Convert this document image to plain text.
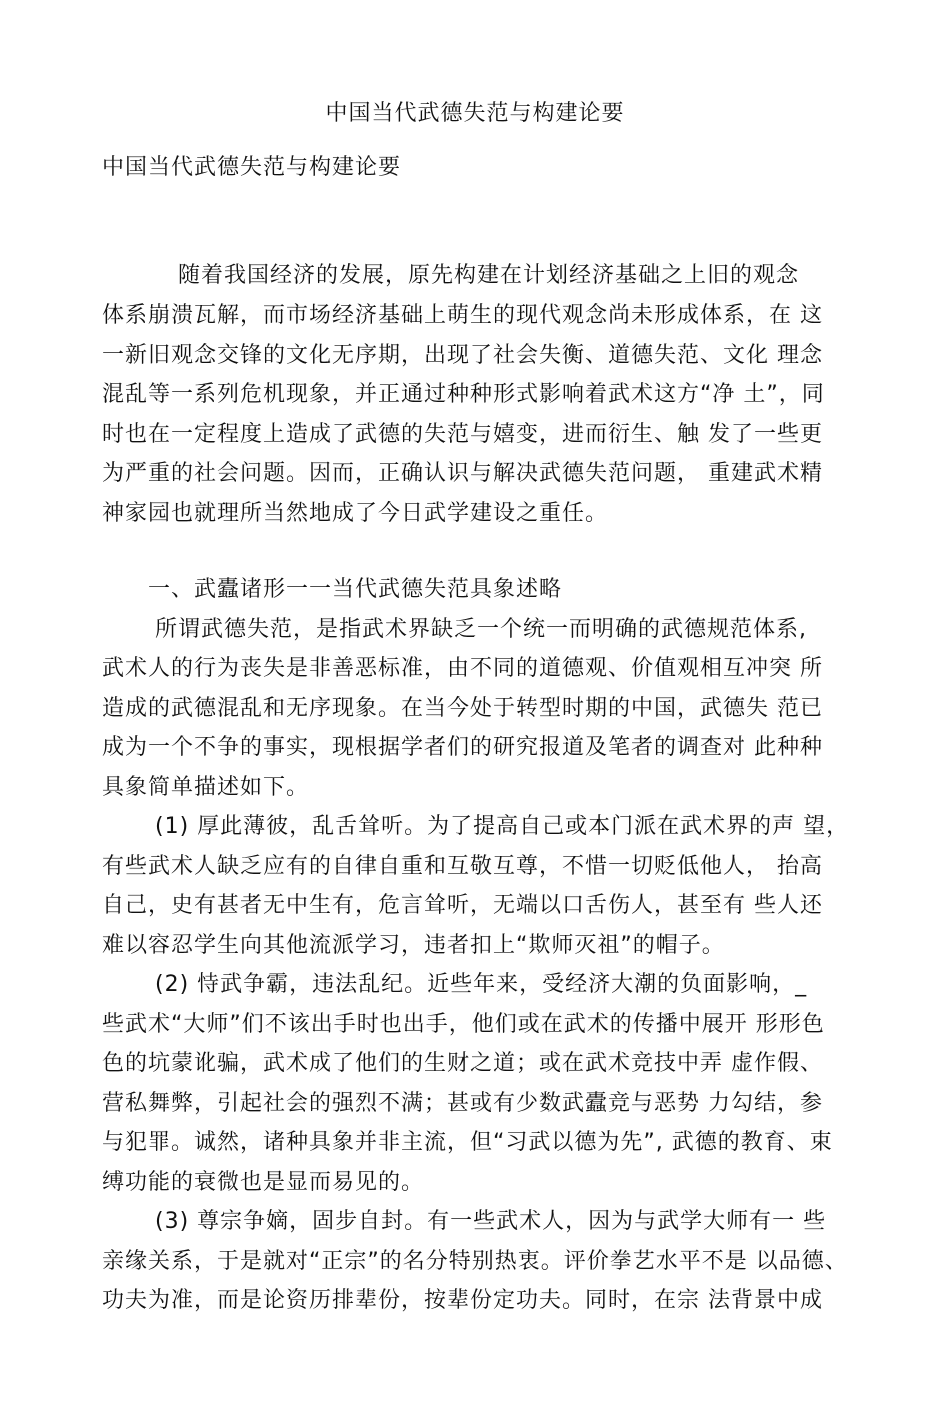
中国当代武德失范与构建论要
中国当代武德失范与构建论要
随着我国经济的发展，原先构建在计划经济基础之上旧的观念
体系崩溃瓦解，而市场经济基础上萌生的现代观念尚未形成体系，在 这
一新旧观念交锋的文化无序期，出现了社会失衡、道德失范、文化 理念
混乱等一系列危机现象，并正通过种种形式影响着武术这方“净 土”，同
时也在一定程度上造成了武德的失范与嬉变，进而衍生、触 发了一些更
为严重的社会问题。因而，正确认识与解决武德失范问题， 重建武术精
神家园也就理所当然地成了今日武学建设之重任。
一、武蠹诸形一一当代武德失范具象述略
所谓武德失范，是指武术界缺乏一个统一而明确的武德规范体系,
武术人的行为丧失是非善恶标准，由不同的道德观、价值观相互冲突 所
造成的武德混乱和无序现象。在当今处于转型时期的中国，武德失 范已
成为一个不争的事实，现根据学者们的研究报道及笔者的调查对 此种种
具象简单描述如下。
(1) 厚此薄彼，乱舌耸听。为了提高自己或本门派在武术界的声 望，
有些武术人缺乏应有的自律自重和互敬互尊，不惜一切贬低他人， 抬高
自己，史有甚者无中生有，危言耸听，无端以口舌伤人，甚至有 些人还
难以容忍学生向其他流派学习，违者扣上“欺师灭祖”的帽子。
(2) 恃武争霸，违法乱纪。近些年来，受经济大潮的负面影响，_
些武术“大师”们不该出手时也出手，他们或在武术的传播中展开 形形色
色的坑蒙讹骗，武术成了他们的生财之道；或在武术竞技中弄 虚作假、
营私舞弊，引起社会的强烈不满；甚或有少数武蠹竞与恶势 力勾结，参
与犯罪。诚然，诸种具象并非主流，但“习武以德为先”, 武德的教育、束
缚功能的衰微也是显而易见的。
(3) 尊宗争嫡，固步自封。有一些武术人，因为与武学大师有一 些
亲缘关系，于是就对“正宗”的名分特别热衷。评价拳艺水平不是 以品德、
功夫为准，而是论资历排辈份，按辈份定功夫。同时，在宗 法背景中成
